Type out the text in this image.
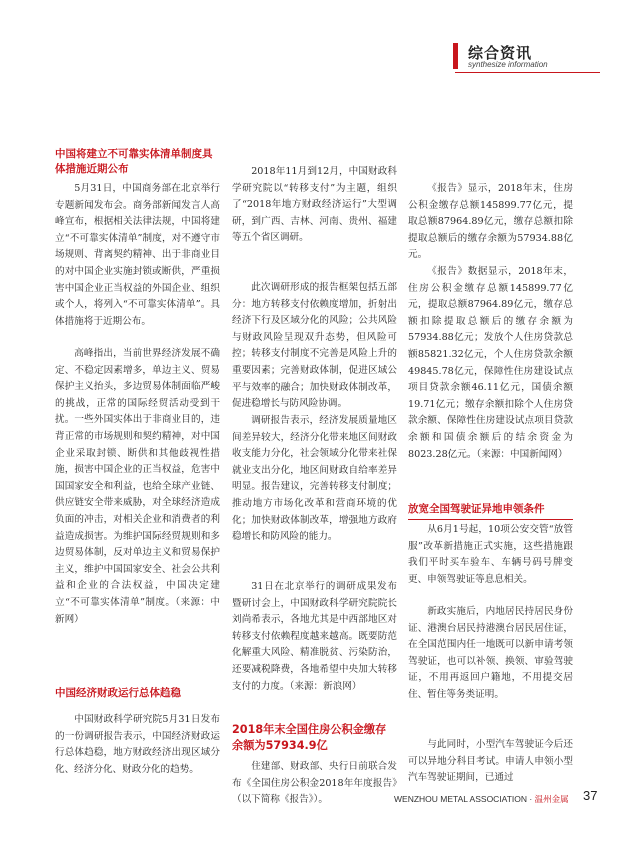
综合资讯
synthesize information

中国将建立不可靠实体清单制度具体措施近期公布

5月31日，中国商务部在北京举行专题新闻发布会。商务部新闻发言人高峰宣布，根据相关法律法规，中国将建立“不可靠实体清单”制度，对不遵守市场规则、背离契约精神、出于非商业目的对中国企业实施封锁或断供，严重损害中国企业正当权益的外国企业、组织或个人，将列入“不可靠实体清单”。具体措施将于近期公布。

高峰指出，当前世界经济发展不确定、不稳定因素增多，单边主义、贸易保护主义抬头，多边贸易体制面临严峻的挑战，正常的国际经贸活动受到干扰。一些外国实体出于非商业目的，违背正常的市场规则和契约精神，对中国企业采取封锁、断供和其他歧视性措施，损害中国企业的正当权益，危害中国国家安全和利益，也给全球产业链、供应链安全带来威胁，对全球经济造成负面的冲击，对相关企业和消费者的利益造成损害。为维护国际经贸规则和多边贸易体制，反对单边主义和贸易保护主义，维护中国国家安全、社会公共利益和企业的合法权益，中国决定建立“不可靠实体清单”制度。（来源：中新网）

中国经济财政运行总体趋稳

中国财政科学研究院5月31日发布的一份调研报告表示，中国经济财政运行总体趋稳，地方财政经济出现区域分化、经济分化、财政分化的趋势。

2018年11月到12月，中国财政科学研究院以“转移支付”为主题，组织了“2018年地方财政经济运行”大型调研，到广西、吉林、河南、贵州、福建等五个省区调研。

此次调研形成的报告框架包括五部分：地方转移支付依赖度增加，折射出经济下行及区域分化的风险；公共风险与财政风险呈现双升态势，但风险可控；转移支付制度不完善是风险上升的重要因素；完善财政体制，促进区域公平与效率的融合；加快财政体制改革，促进稳增长与防风险协调。

调研报告表示，经济发展质量地区间差异较大，经济分化带来地区间财政收支能力分化，社会领域分化带来社保就业支出分化，地区间财政自给率差异明显。报告建议，完善转移支付制度；推动地方市场化改革和营商环境的优化；加快财政体制改革，增强地方政府稳增长和防风险的能力。

31日在北京举行的调研成果发布暨研讨会上，中国财政科学研究院院长刘尚希表示，各地尤其是中西部地区对转移支付依赖程度越来越高。既要防范化解重大风险、精准脱贫、污染防治，还要减税降费，各地希望中央加大转移支付的力度。（来源：新浪网）

2018年末全国住房公积金缴存余额为57934.9亿

住建部、财政部、央行日前联合发布《全国住房公积金2018年年度报告》（以下简称《报告》）。

《报告》显示，2018年末，住房公积金缴存总额145899.77亿元，提取总额87964.89亿元，缴存总额扣除提取总额后的缴存余额为57934.88亿元。

《报告》数据显示，2018年末，住房公积金缴存总额145899.77亿元，提取总额87964.89亿元，缴存总额扣除提取总额后的缴存余额为57934.88亿元；发放个人住房贷款总额85821.32亿元，个人住房贷款余额49845.78亿元，保障性住房建设试点项目贷款余额46.11亿元，国债余额19.71亿元；缴存余额扣除个人住房贷款余额、保障性住房建设试点项目贷款余额和国债余额后的结余资金为8023.28亿元。（来源：中国新闻网）

放宽全国驾驶证异地申领条件

从6月1号起，10项公安交管“放管服”改革新措施正式实施，这些措施跟我们平时买车验车、车辆号码号牌变更、申领驾驶证等息息相关。

新政实施后，内地居民持居民身份证、港澳台居民持港澳台居民居住证，在全国范围内任一地既可以新申请考领驾驶证，也可以补领、换领、审验驾驶证，不用再返回户籍地，不用提交居住、暂住等务类证明。

与此同时，小型汽车驾驶证今后还可以异地分科目考试。申请人申领小型汽车驾驶证期间，已通过

WENZHOU METAL ASSOCIATION · 温州金属 37
